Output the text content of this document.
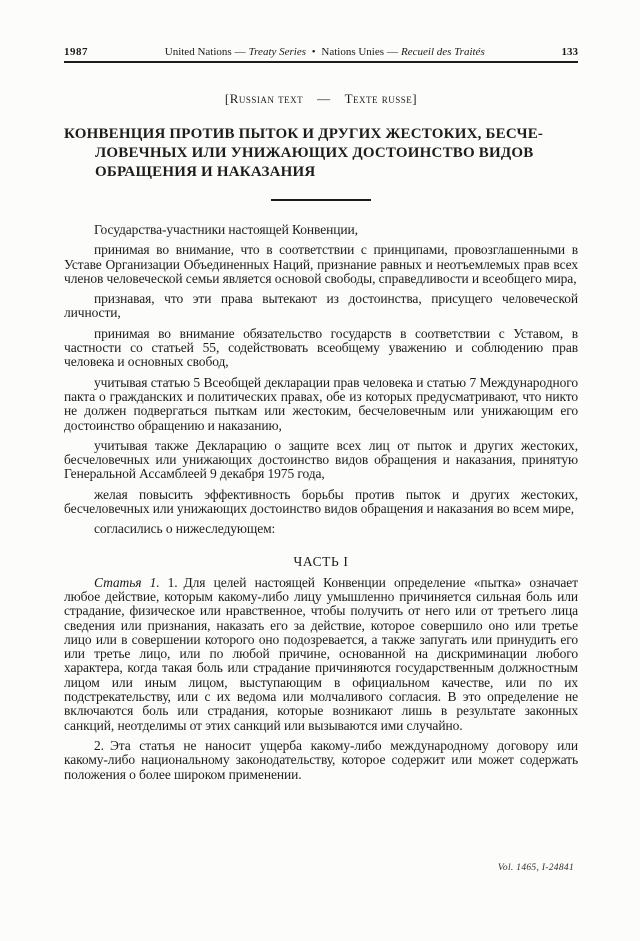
1987	United Nations — Treaty Series • Nations Unies — Recueil des Traités	133
[Russian text — Texte russe]
КОНВЕНЦИЯ ПРОТИВ ПЫТОК И ДРУГИХ ЖЕСТОКИХ, БЕСЧЕ-
ЛОВЕЧНЫХ ИЛИ УНИЖАЮЩИХ ДОСТОИНСТВО ВИДОВ
ОБРАЩЕНИЯ И НАКАЗАНИЯ

Государства-участники настоящей Конвенции,

принимая во внимание, что в соответствии с принципами, провозглашенными в Уставе Организации Объединенных Наций, признание равных и неотъемлемых прав всех членов человеческой семьи является основой свободы, справедливости и всеобщего мира,

признавая, что эти права вытекают из достоинства, присущего человеческой личности,

принимая во внимание обязательство государств в соответствии с Уставом, в частности со статьей 55, содействовать всеобщему уважению и соблюдению прав человека и основных свобод,

учитывая статью 5 Всеобщей декларации прав человека и статью 7 Международного пакта о гражданских и политических правах, обе из которых предусматривают, что никто не должен подвергаться пыткам или жестоким, бесчеловечным или унижающим его достоинство обращению и наказанию,

учитывая также Декларацию о защите всех лиц от пыток и других жестоких, бесчеловечных или унижающих достоинство видов обращения и наказания, принятую Генеральной Ассамблеей 9 декабря 1975 года,

желая повысить эффективность борьбы против пыток и других жестоких, бесчеловечных или унижающих достоинство видов обращения и наказания во всем мире,

согласились о нижеследующем:

ЧАСТЬ I

Статья 1. 1. Для целей настоящей Конвенции определение «пытка» означает любое действие, которым какому-либо лицу умышленно причиняется сильная боль или страдание, физическое или нравственное, чтобы получить от него или от третьего лица сведения или признания, наказать его за действие, которое совершило оно или третье лицо или в совершении которого оно подозревается, а также запугать или принудить его или третье лицо, или по любой причине, основанной на дискриминации любого характера, когда такая боль или страдание причиняются государственным должностным лицом или иным лицом, выступающим в официальном качестве, или по их подстрекательству, или с их ведома или молчаливого согласия. В это определение не включаются боль или страдания, которые возникают лишь в результате законных санкций, неотделимы от этих санкций или вызываются ими случайно.

2. Эта статья не наносит ущерба какому-либо международному договору или какому-либо национальному законодательству, которое содержит или может содержать положения о более широком применении.

Vol. 1465, I-24841
